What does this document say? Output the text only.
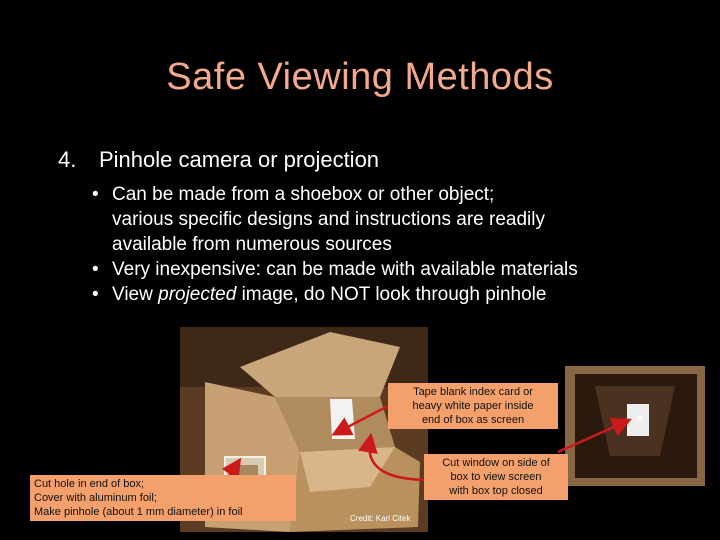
Safe Viewing Methods
4. Pinhole camera or projection
• Can be made from a shoebox or other object;
various specific designs and instructions are readily
available from numerous sources
• Very inexpensive: can be made with available materials
• View projected image, do NOT look through pinhole
Tape blank index card or
heavy white paper inside
end of box as screen
Cut window on side of
box to view screen
with box top closed
Cut hole in end of box;
Cover with aluminum foil;
Make pinhole (about 1 mm diameter) in foil
Credit: Karl Citek
